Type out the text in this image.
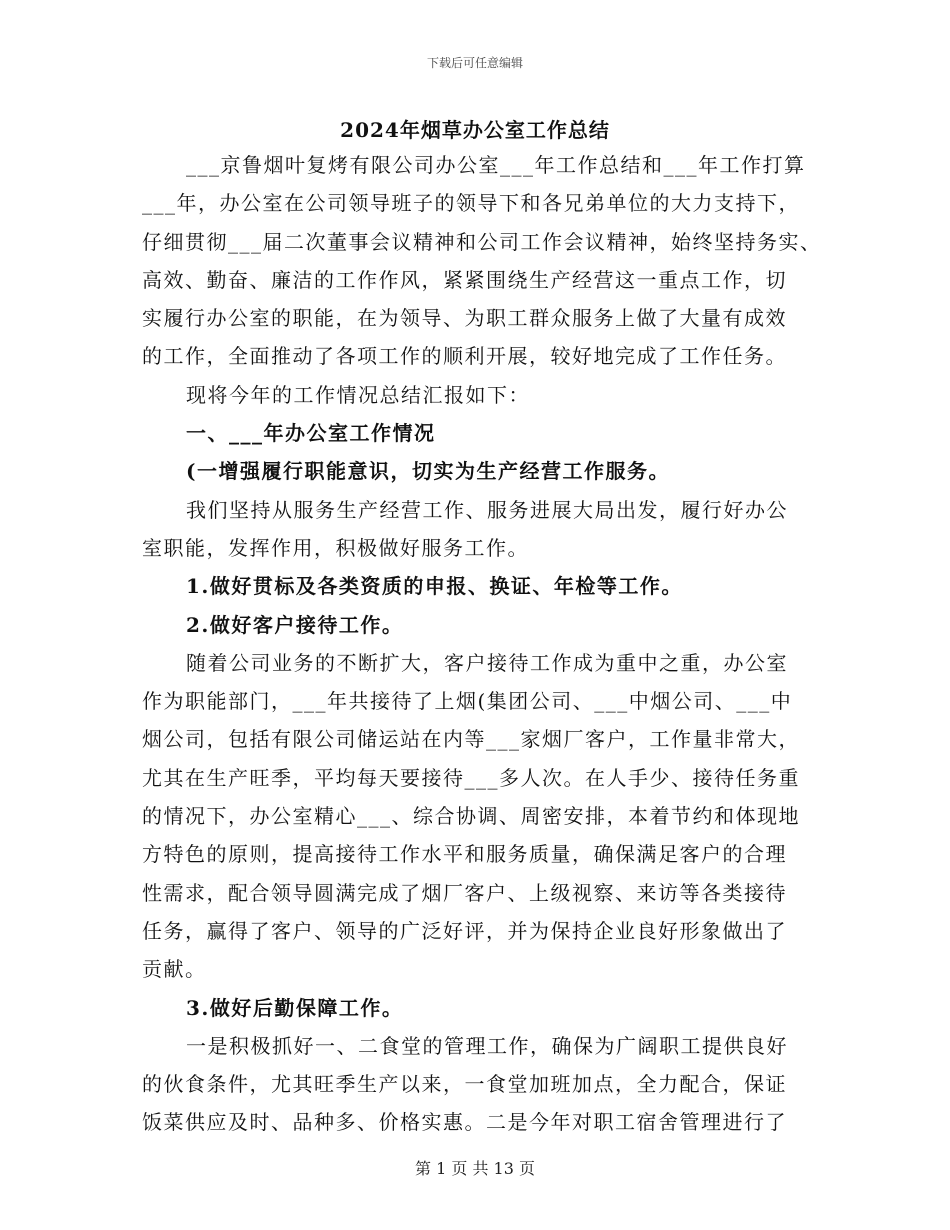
下载后可任意编辑
2024年烟草办公室工作总结
___京鲁烟叶复烤有限公司办公室___年工作总结和___年工作打算
___年，办公室在公司领导班子的领导下和各兄弟单位的大力支持下，
仔细贯彻___届二次董事会议精神和公司工作会议精神，始终坚持务实、
高效、勤奋、廉洁的工作作风，紧紧围绕生产经营这一重点工作，切
实履行办公室的职能，在为领导、为职工群众服务上做了大量有成效
的工作，全面推动了各项工作的顺利开展，较好地完成了工作任务。
现将今年的工作情况总结汇报如下：
一、___年办公室工作情况
(一增强履行职能意识，切实为生产经营工作服务。
我们坚持从服务生产经营工作、服务进展大局出发，履行好办公
室职能，发挥作用，积极做好服务工作。
1.做好贯标及各类资质的申报、换证、年检等工作。
2.做好客户接待工作。
随着公司业务的不断扩大，客户接待工作成为重中之重，办公室
作为职能部门，___年共接待了上烟(集团公司、___中烟公司、___中
烟公司，包括有限公司储运站在内等___家烟厂客户，工作量非常大，
尤其在生产旺季，平均每天要接待___多人次。在人手少、接待任务重
的情况下，办公室精心___、综合协调、周密安排，本着节约和体现地
方特色的原则，提高接待工作水平和服务质量，确保满足客户的合理
性需求，配合领导圆满完成了烟厂客户、上级视察、来访等各类接待
任务，赢得了客户、领导的广泛好评，并为保持企业良好形象做出了
贡献。
3.做好后勤保障工作。
一是积极抓好一、二食堂的管理工作，确保为广阔职工提供良好
的伙食条件，尤其旺季生产以来，一食堂加班加点，全力配合，保证
饭菜供应及时、品种多、价格实惠。二是今年对职工宿舍管理进行了
第 1 页 共 13 页
